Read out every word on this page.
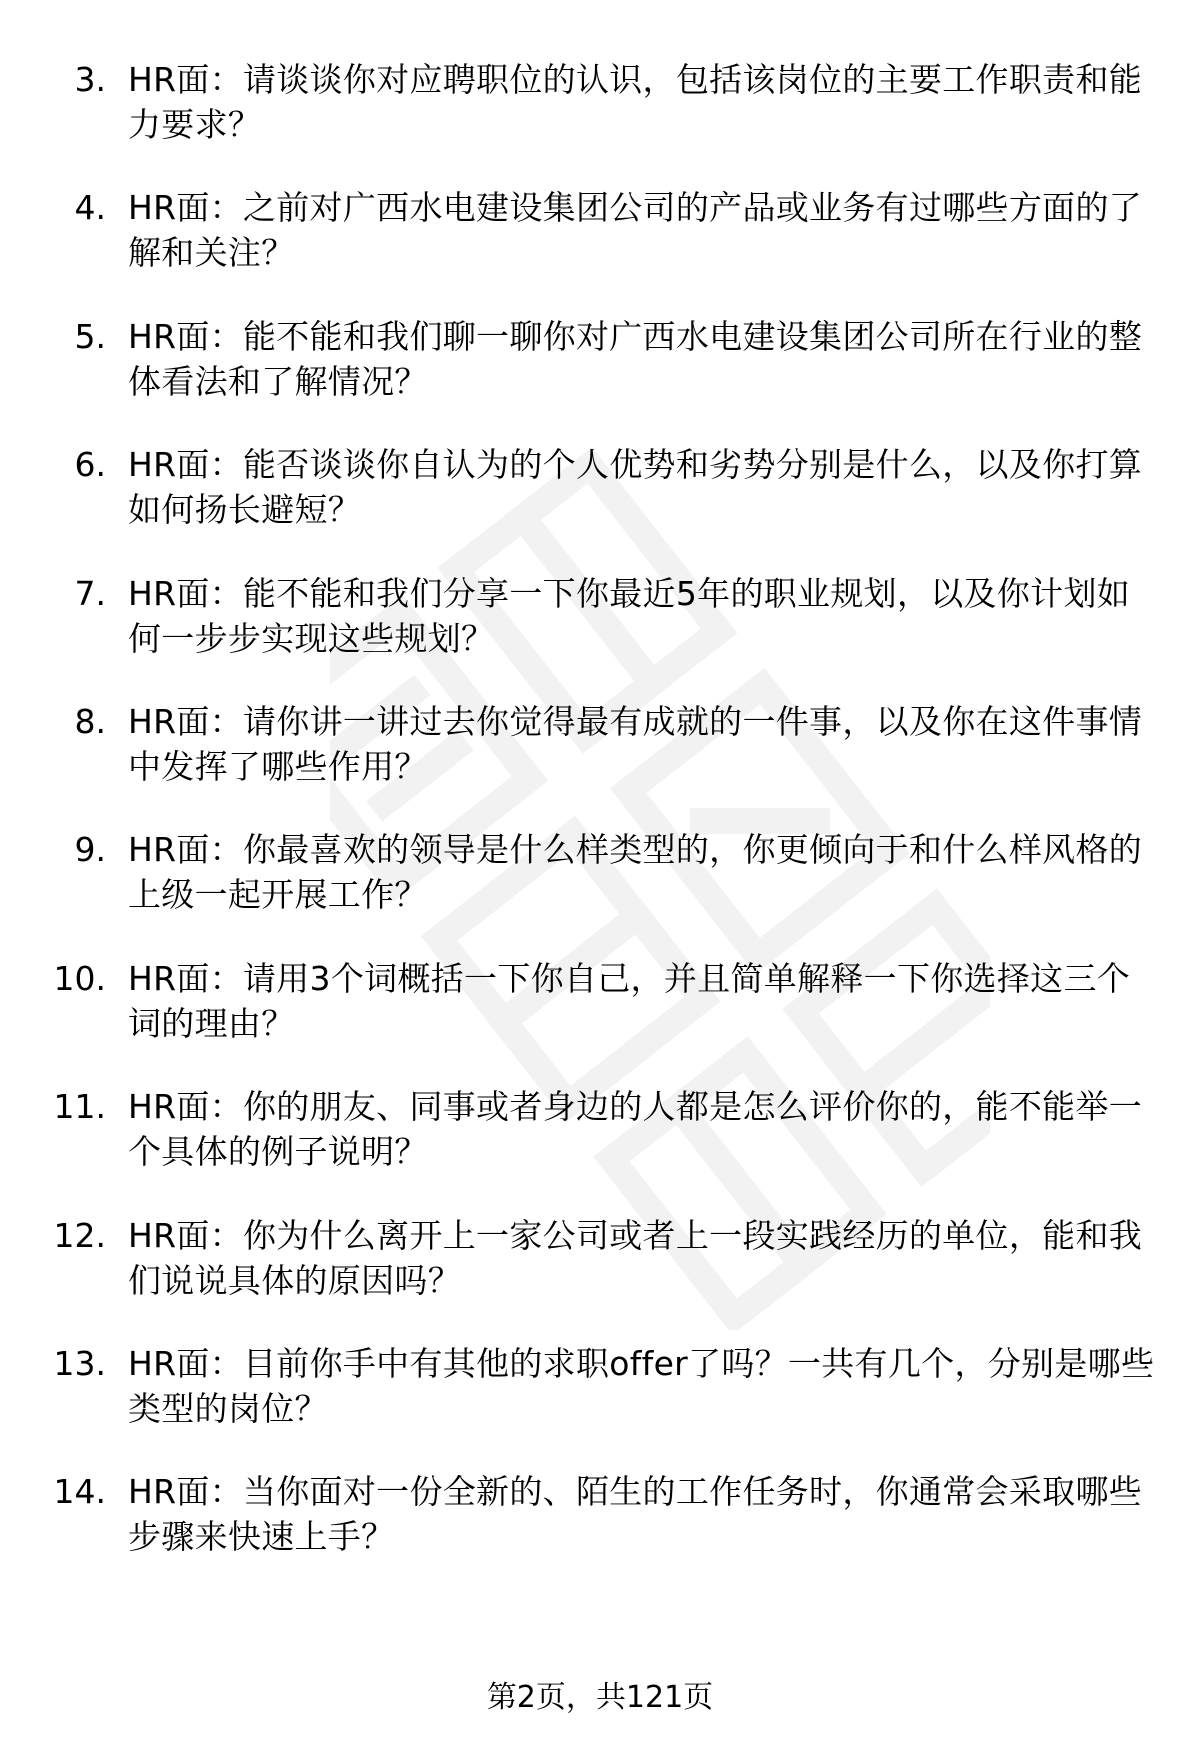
3. HR面：请谈谈你对应聘职位的认识，包括该岗位的主要工作职责和能力要求？
4. HR面：之前对广西水电建设集团公司的产品或业务有过哪些方面的了解和关注？
5. HR面：能不能和我们聊一聊你对广西水电建设集团公司所在行业的整体看法和了解情况？
6. HR面：能否谈谈你自认为的个人优势和劣势分别是什么，以及你打算如何扬长避短？
7. HR面：能不能和我们分享一下你最近5年的职业规划，以及你计划如何一步步实现这些规划？
8. HR面：请你讲一讲过去你觉得最有成就的一件事，以及你在这件事情中发挥了哪些作用？
9. HR面：你最喜欢的领导是什么样类型的，你更倾向于和什么样风格的上级一起开展工作？
10. HR面：请用3个词概括一下你自己，并且简单解释一下你选择这三个词的理由？
11. HR面：你的朋友、同事或者身边的人都是怎么评价你的，能不能举一个具体的例子说明？
12. HR面：你为什么离开上一家公司或者上一段实践经历的单位，能和我们说说具体的原因吗？
13. HR面：目前你手中有其他的求职offer了吗？一共有几个，分别是哪些类型的岗位？
14. HR面：当你面对一份全新的、陌生的工作任务时，你通常会采取哪些步骤来快速上手？
第2页，共121页
